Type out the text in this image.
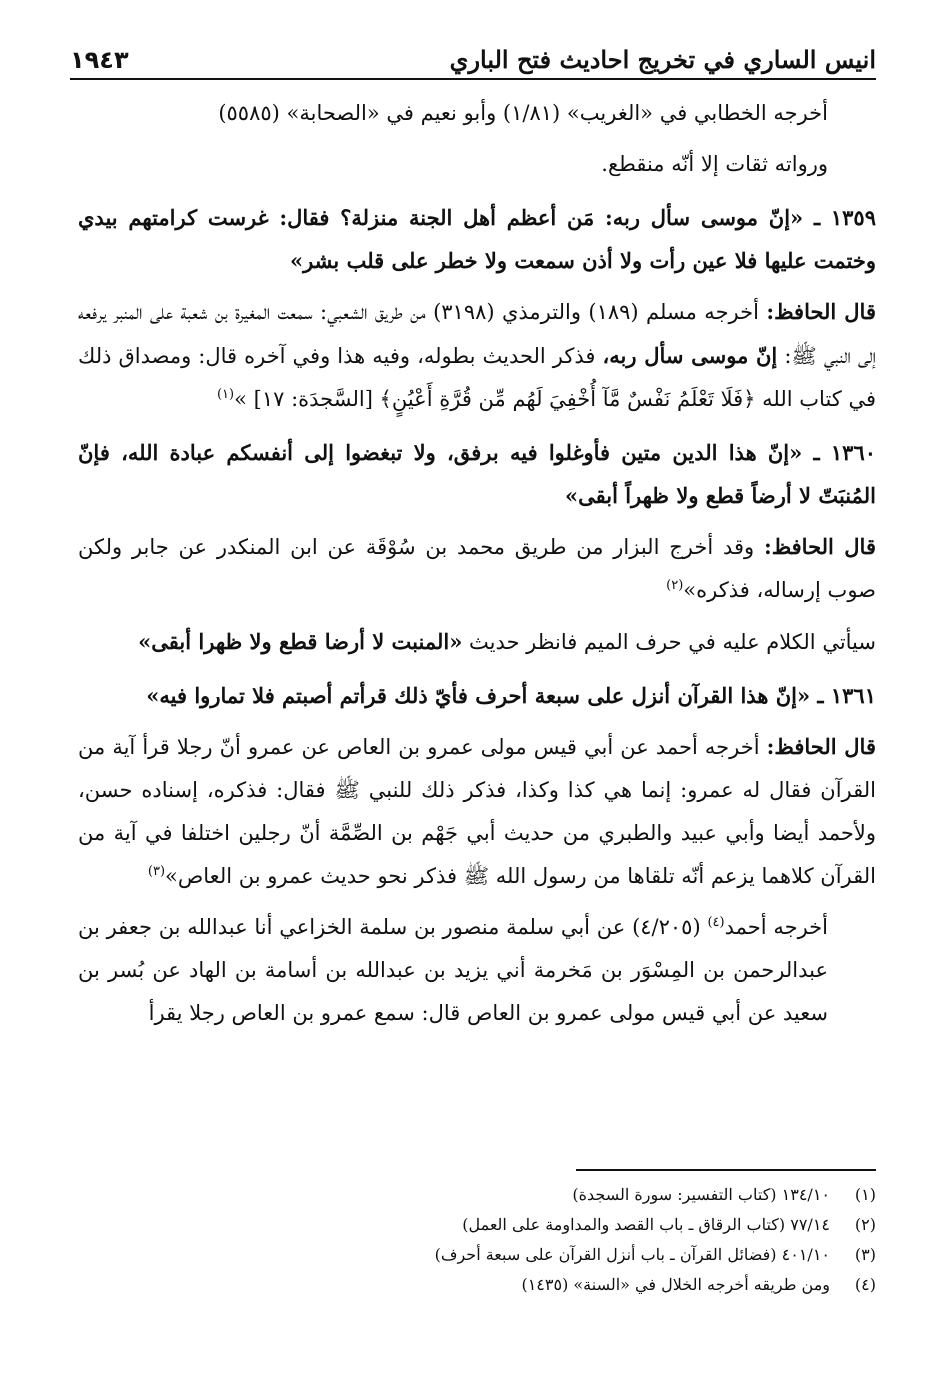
انيس الساري في تخريج احاديث فتح الباري
١٩٤٣

أخرجه الخطابي في «الغريب» (١/٨١) وأبو نعيم في «الصحابة» (٥٥٨٥)

ورواته ثقات إلا أنّه منقطع.

١٣٥٩ ـ «إنّ موسى سأل ربه: مَن أعظم أهل الجنة منزلة؟ فقال: غرست كرامتهم بيدي وختمت عليها فلا عين رأت ولا أذن سمعت ولا خطر على قلب بشر»

قال الحافظ: أخرجه مسلم (١٨٩) والترمذي (٣١٩٨) من طريق الشعبي: سمعت المغيرة بن شعبة على المنبر يرفعه إلى النبي ﷺ: إنّ موسى سأل ربه، فذكر الحديث بطوله، وفيه هذا وفي آخره قال: ومصداق ذلك في كتاب الله ﴿فَلَا تَعْلَمُ نَفْسٌ مَّآ أُخْفِيَ لَهُم مِّن قُرَّةِ أَعْيُنٍ﴾ [السَّجدَة: ١٧] »$^{(١)}$

١٣٦٠ ـ «إنّ هذا الدين متين فأوغلوا فيه برفق، ولا تبغضوا إلى أنفسكم عبادة الله، فإنّ المُنبَتّ لا أرضاً قطع ولا ظهراً أبقى»

قال الحافظ: وقد أخرج البزار من طريق محمد بن سُوْقَة عن ابن المنكدر عن جابر ولكن صوب إرساله، فذكره»$^{(٢)}$

سيأتي الكلام عليه في حرف الميم فانظر حديث «المنبت لا أرضا قطع ولا ظهرا أبقى»

١٣٦١ ـ «إنّ هذا القرآن أنزل على سبعة أحرف فأيّ ذلك قرأتم أصبتم فلا تماروا فيه»

قال الحافظ: أخرجه أحمد عن أبي قيس مولى عمرو بن العاص عن عمرو أنّ رجلا قرأ آية من القرآن فقال له عمرو: إنما هي كذا وكذا، فذكر ذلك للنبي ﷺ فقال: فذكره، إسناده حسن، ولأحمد أيضا وأبي عبيد والطبري من حديث أبي جَهْم بن الصِّمَّة أنّ رجلين اختلفا في آية من القرآن كلاهما يزعم أنّه تلقاها من رسول الله ﷺ فذكر نحو حديث عمرو بن العاص»$^{(٣)}$

أخرجه أحمد$^{(٤)}$ (٤/٢٠٥) عن أبي سلمة منصور بن سلمة الخزاعي أنا عبدالله بن جعفر بن عبدالرحمن بن المِسْوَر بن مَخرمة أني يزيد بن عبدالله بن أسامة بن الهاد عن بُسر بن سعيد عن أبي قيس مولى عمرو بن العاص قال: سمع عمرو بن العاص رجلا يقرأ

(١)
١٣٤/١٠ (كتاب التفسير: سورة السجدة)
(٢)
٧٧/١٤ (كتاب الرقاق ـ باب القصد والمداومة على العمل)
(٣)
٤٠١/١٠ (فضائل القرآن ـ باب أنزل القرآن على سبعة أحرف)
(٤)
ومن طريقه أخرجه الخلال في «السنة» (١٤٣٥)
